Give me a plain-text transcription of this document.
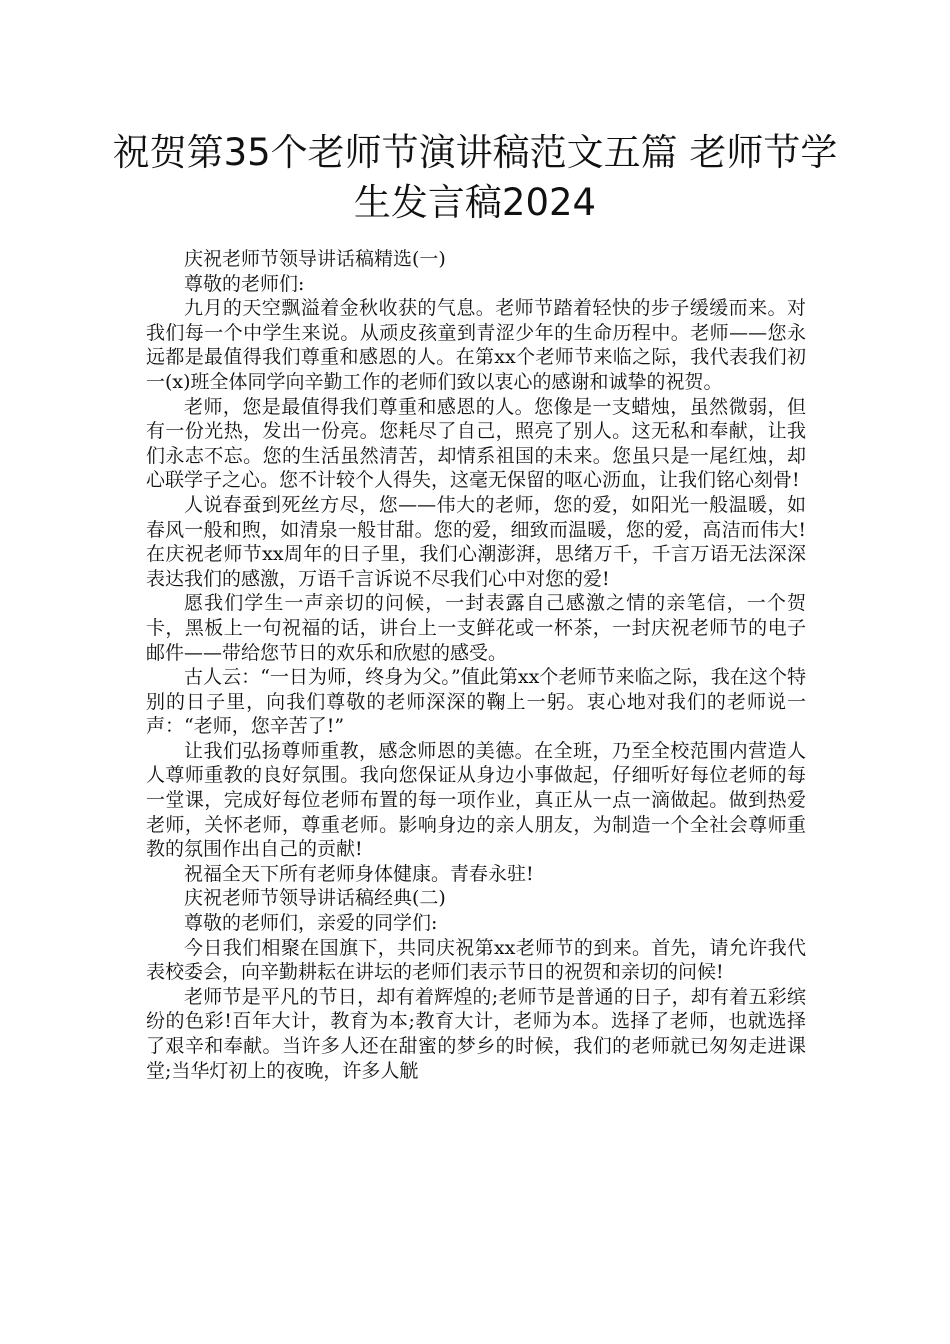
祝贺第35个老师节演讲稿范文五篇 老师节学生发言稿2024

庆祝老师节领导讲话稿精选(一)

尊敬的老师们:

九月的天空飘溢着金秋收获的气息。老师节踏着轻快的步子缓缓而来。对我们每一个中学生来说。从顽皮孩童到青涩少年的生命历程中。老师——您永远都是最值得我们尊重和感恩的人。在第xx个老师节来临之际，我代表我们初一(x)班全体同学向辛勤工作的老师们致以衷心的感谢和诚挚的祝贺。

老师，您是最值得我们尊重和感恩的人。您像是一支蜡烛，虽然微弱，但有一份光热，发出一份亮。您耗尽了自己，照亮了别人。这无私和奉献，让我们永志不忘。您的生活虽然清苦，却情系祖国的未来。您虽只是一尾红烛，却心联学子之心。您不计较个人得失，这毫无保留的呕心沥血，让我们铭心刻骨!

人说春蚕到死丝方尽，您——伟大的老师，您的爱，如阳光一般温暖，如春风一般和煦，如清泉一般甘甜。您的爱，细致而温暖，您的爱，高洁而伟大!在庆祝老师节xx周年的日子里，我们心潮澎湃，思绪万千，千言万语无法深深表达我们的感激，万语千言诉说不尽我们心中对您的爱!

愿我们学生一声亲切的问候，一封表露自己感激之情的亲笔信，一个贺卡，黑板上一句祝福的话，讲台上一支鲜花或一杯茶，一封庆祝老师节的电子邮件——带给您节日的欢乐和欣慰的感受。

古人云：“一日为师，终身为父。”值此第xx个老师节来临之际，我在这个特别的日子里，向我们尊敬的老师深深的鞠上一躬。衷心地对我们的老师说一声：“老师，您辛苦了!”

让我们弘扬尊师重教，感念师恩的美德。在全班，乃至全校范围内营造人人尊师重教的良好氛围。我向您保证从身边小事做起，仔细听好每位老师的每一堂课，完成好每位老师布置的每一项作业，真正从一点一滴做起。做到热爱老师，关怀老师，尊重老师。影响身边的亲人朋友，为制造一个全社会尊师重教的氛围作出自己的贡献!

祝福全天下所有老师身体健康。青春永驻!

庆祝老师节领导讲话稿经典(二)

尊敬的老师们，亲爱的同学们:

今日我们相聚在国旗下，共同庆祝第xx老师节的到来。首先，请允许我代表校委会，向辛勤耕耘在讲坛的老师们表示节日的祝贺和亲切的问候!

老师节是平凡的节日，却有着辉煌的;老师节是普通的日子，却有着五彩缤纷的色彩!百年大计，教育为本;教育大计，老师为本。选择了老师，也就选择了艰辛和奉献。当许多人还在甜蜜的梦乡的时候，我们的老师就已匆匆走进课堂;当华灯初上的夜晚，许多人觥
